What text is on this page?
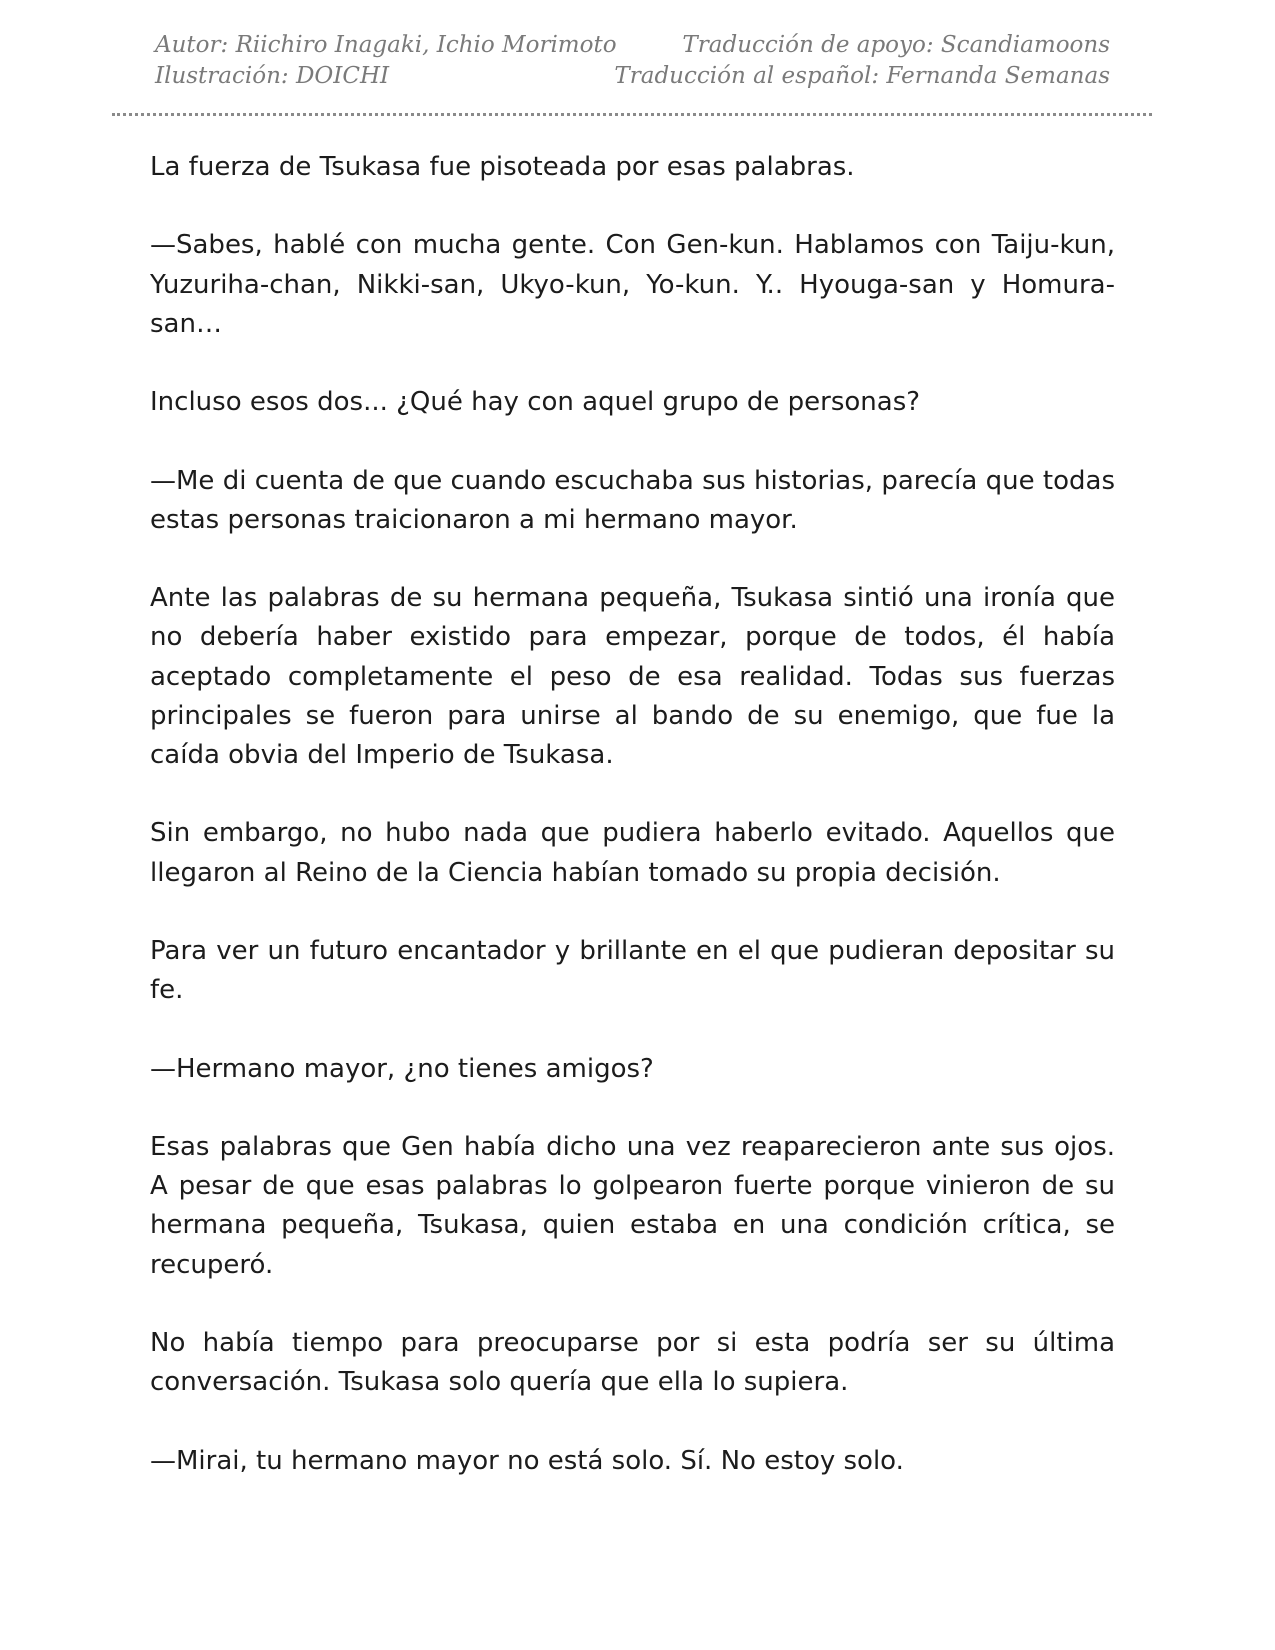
Autor: Riichiro Inagaki, Ichio Morimoto	Traducción de apoyo: Scandiamoons
Ilustración: DOICHI	Traducción al español: Fernanda Semanas

La fuerza de Tsukasa fue pisoteada por esas palabras.

—Sabes, hablé con mucha gente. Con Gen-kun. Hablamos con Taiju-kun, Yuzuriha-chan, Nikki-san, Ukyo-kun, Yo-kun. Y.. Hyouga-san y Homura-san…

Incluso esos dos... ¿Qué hay con aquel grupo de personas?

—Me di cuenta de que cuando escuchaba sus historias, parecía que todas estas personas traicionaron a mi hermano mayor.

Ante las palabras de su hermana pequeña, Tsukasa sintió una ironía que no debería haber existido para empezar, porque de todos, él había aceptado completamente el peso de esa realidad. Todas sus fuerzas principales se fueron para unirse al bando de su enemigo, que fue la caída obvia del Imperio de Tsukasa.

Sin embargo, no hubo nada que pudiera haberlo evitado. Aquellos que llegaron al Reino de la Ciencia habían tomado su propia decisión.

Para ver un futuro encantador y brillante en el que pudieran depositar su fe.

—Hermano mayor, ¿no tienes amigos?

Esas palabras que Gen había dicho una vez reaparecieron ante sus ojos. A pesar de que esas palabras lo golpearon fuerte porque vinieron de su hermana pequeña, Tsukasa, quien estaba en una condición crítica, se recuperó.

No había tiempo para preocuparse por si esta podría ser su última conversación. Tsukasa solo quería que ella lo supiera.

—Mirai, tu hermano mayor no está solo. Sí. No estoy solo.
